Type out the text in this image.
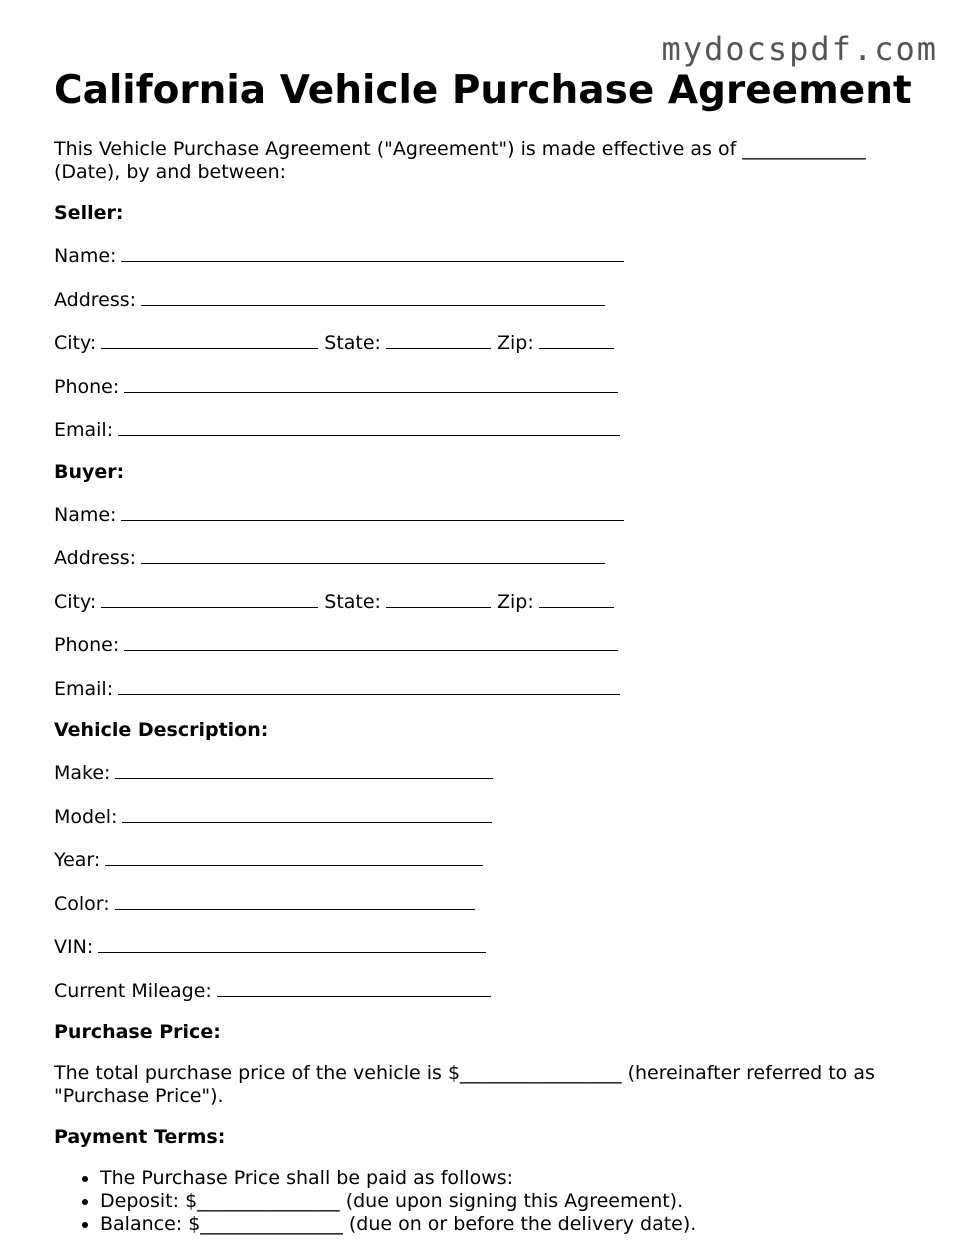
mydocspdf.com
California Vehicle Purchase Agreement
This Vehicle Purchase Agreement ("Agreement") is made effective as of _____________
(Date), by and between:
Seller:
Name:
Address:
City:	State:	Zip:
Phone:
Email:
Buyer:
Name:
Address:
City:	State:	Zip:
Phone:
Email:
Vehicle Description:
Make:
Model:
Year:
Color:
VIN:
Current Mileage:
Purchase Price:
The total purchase price of the vehicle is $_________________ (hereinafter referred to as
"Purchase Price").
Payment Terms:
• The Purchase Price shall be paid as follows:
• Deposit: $_______________ (due upon signing this Agreement).
• Balance: $_______________ (due on or before the delivery date).
